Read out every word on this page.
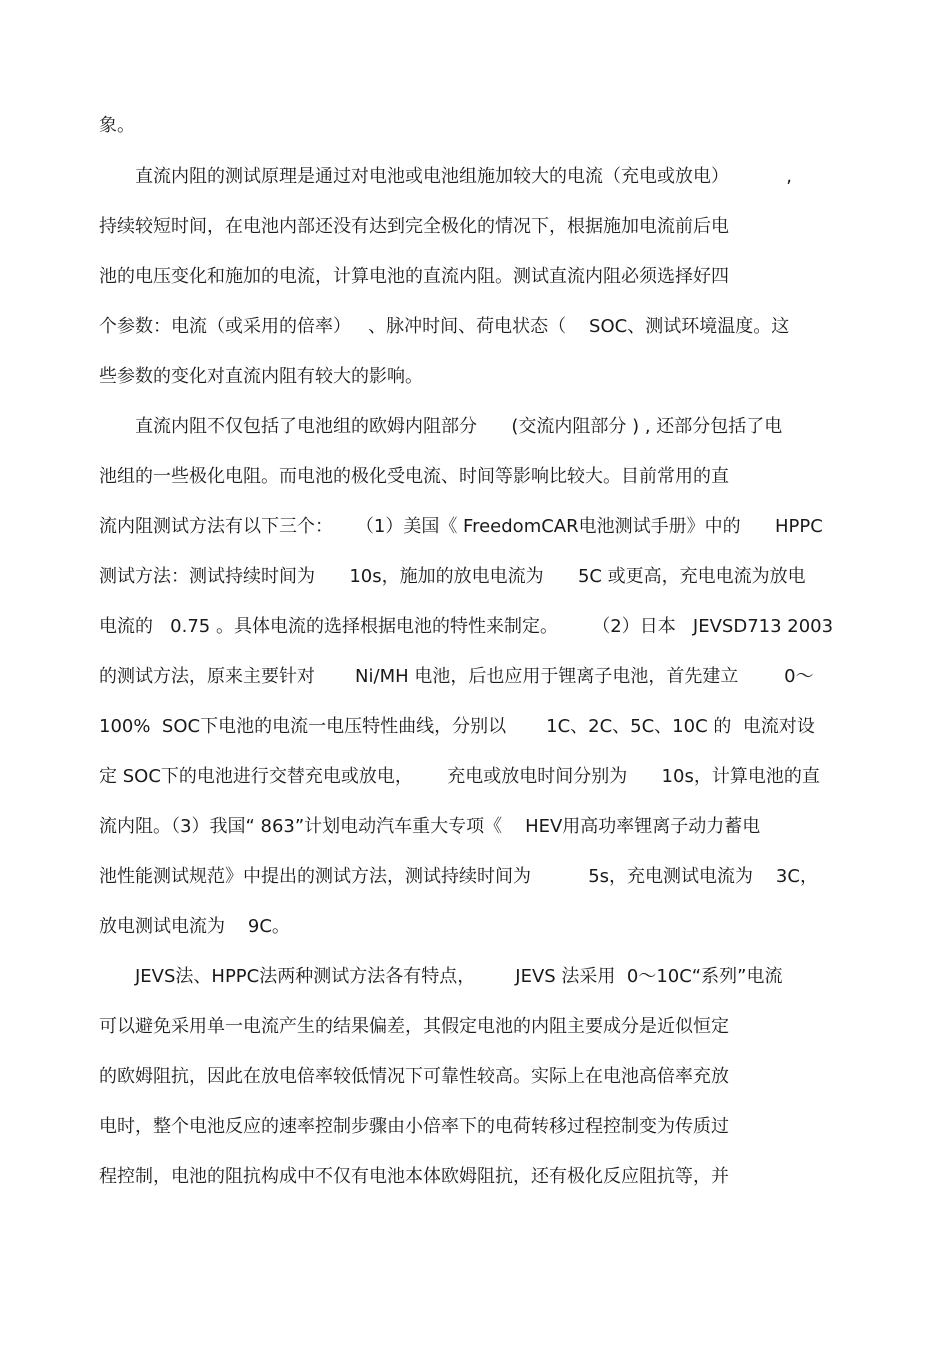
象。
直流内阻的测试原理是通过对电池或电池组施加较大的电流（充电或放电）          ,
持续较短时间，在电池内部还没有达到完全极化的情况下，根据施加电流前后电
池的电压变化和施加的电流，计算电池的直流内阻。测试直流内阻必须选择好四
个参数：电流（或采用的倍率）   、脉冲时间、荷电状态（    SOC、测试环境温度。这
些参数的变化对直流内阻有较大的影响。
直流内阻不仅包括了电池组的欧姆内阻部分      (交流内阻部分 ) , 还部分包括了电
池组的一些极化电阻。而电池的极化受电流、时间等影响比较大。目前常用的直
流内阻测试方法有以下三个：    （1）美国《 FreedomCAR电池测试手册》中的      HPPC
测试方法：测试持续时间为      10s，施加的放电电流为      5C 或更高，充电电流为放电
电流的   0.75 。具体电流的选择根据电池的特性来制定。      （2）日本   JEVSD713 2003
的测试方法，原来主要针对       Ni/MH 电池，后也应用于锂离子电池，首先建立        0～
100%  SOC下电池的电流一电压特性曲线，分别以       1C、2C、5C、10C 的  电流对设
定 SOC下的电池进行交替充电或放电，      充电或放电时间分别为      10s，计算电池的直
流内阻。（3）我国“ 863”计划电动汽车重大专项《    HEV用高功率锂离子动力蓄电
池性能测试规范》中提出的测试方法，测试持续时间为          5s，充电测试电流为    3C，
放电测试电流为    9C。
JEVS法、HPPC法两种测试方法各有特点，       JEVS 法采用  0～10C“系列”电流
可以避免采用单一电流产生的结果偏差，其假定电池的内阻主要成分是近似恒定
的欧姆阻抗，因此在放电倍率较低情况下可靠性较高。实际上在电池高倍率充放
电时，整个电池反应的速率控制步骤由小倍率下的电荷转移过程控制变为传质过
程控制，电池的阻抗构成中不仅有电池本体欧姆阻抗，还有极化反应阻抗等，并
